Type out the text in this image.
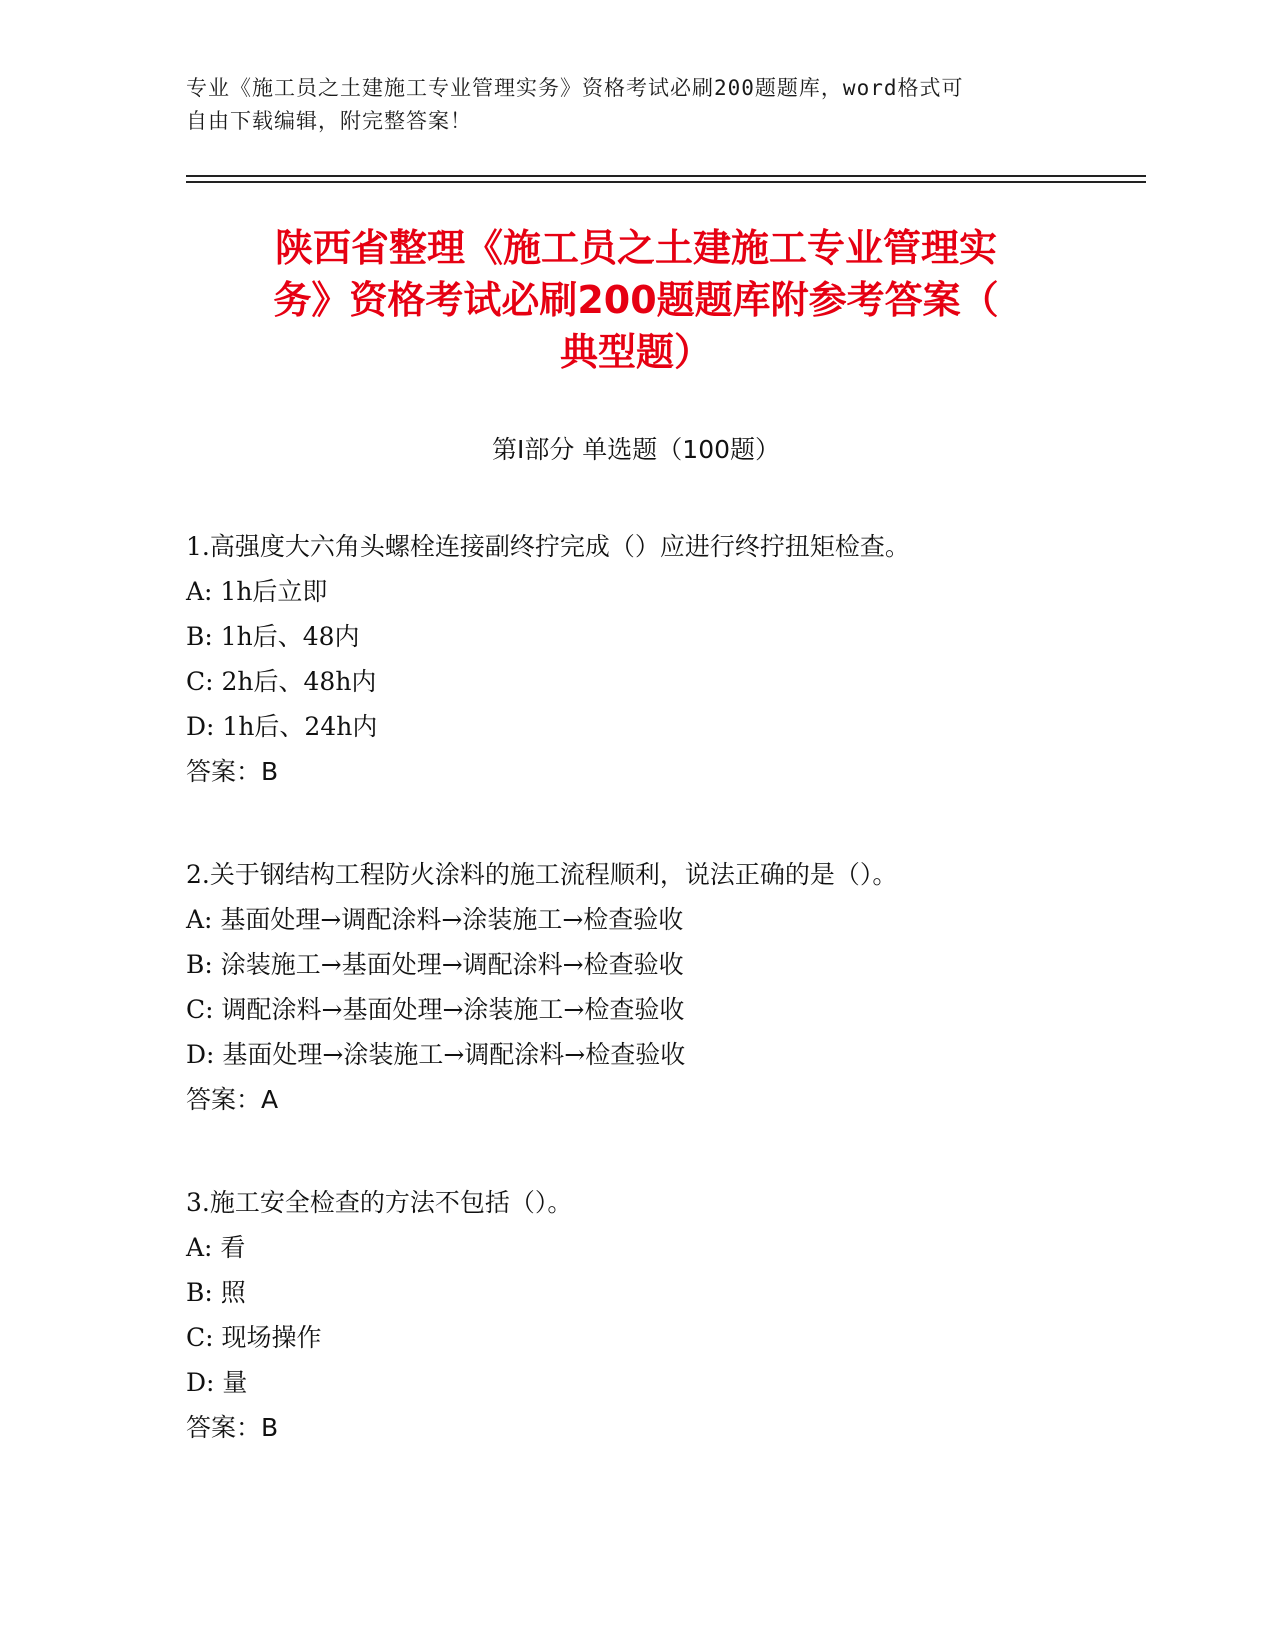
专业《施工员之土建施工专业管理实务》资格考试必刷200题题库，word格式可
自由下载编辑，附完整答案！
陕西省整理《施工员之土建施工专业管理实
务》资格考试必刷200题题库附参考答案（
典型题）
第Ⅰ部分 单选题（100题）
1.高强度大六角头螺栓连接副终拧完成（）应进行终拧扭矩检查。
A: 1h后立即
B: 1h后、48内
C: 2h后、48h内
D: 1h后、24h内
答案：B
2.关于钢结构工程防火涂料的施工流程顺利，说法正确的是（）。
A: 基面处理→调配涂料→涂装施工→检查验收
B: 涂装施工→基面处理→调配涂料→检查验收
C: 调配涂料→基面处理→涂装施工→检查验收
D: 基面处理→涂装施工→调配涂料→检查验收
答案：A
3.施工安全检查的方法不包括（）。
A: 看
B: 照
C: 现场操作
D: 量
答案：B
